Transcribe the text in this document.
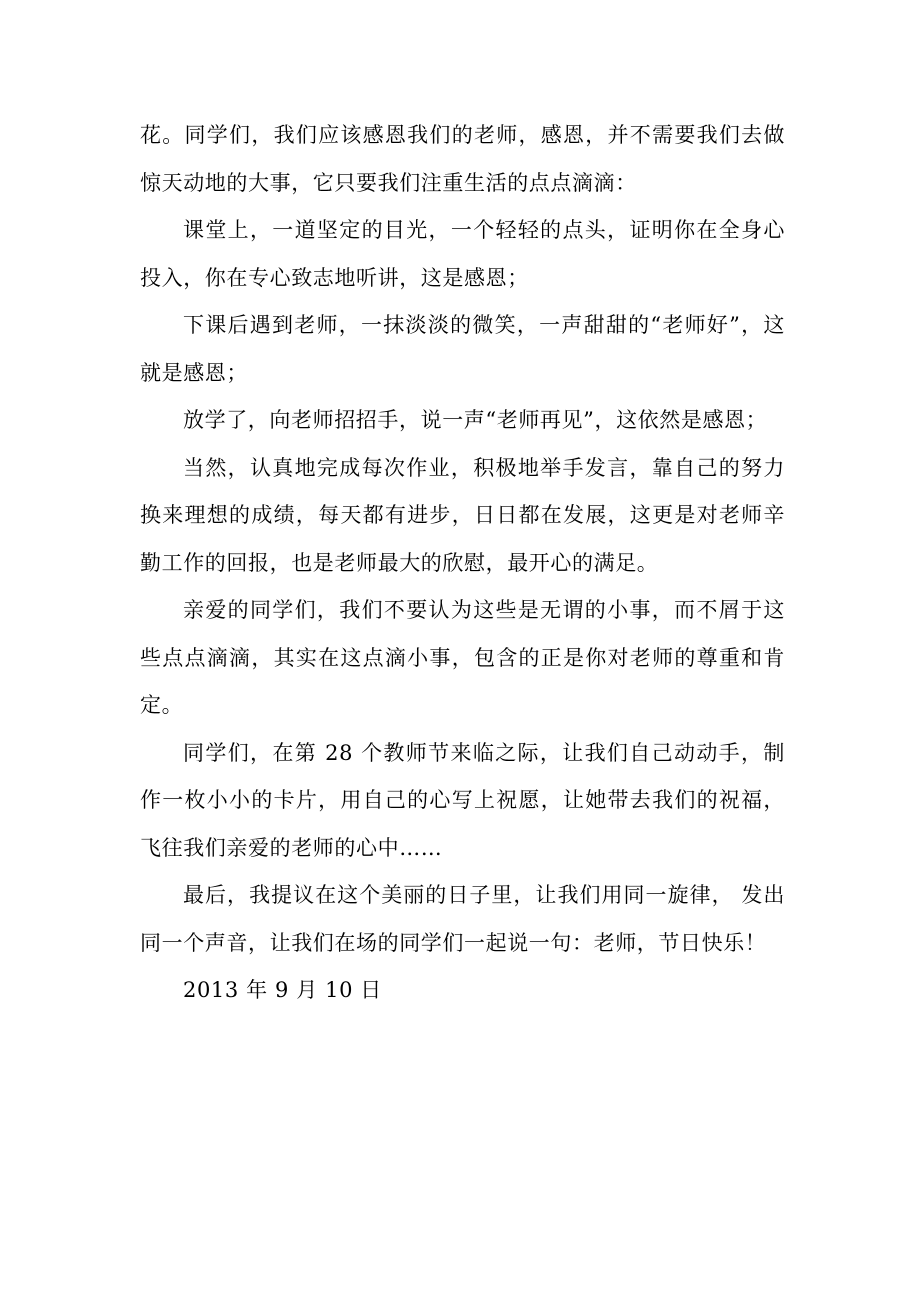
花。同学们，我们应该感恩我们的老师，感恩，并不需要我们去做惊天动地的大事，它只要我们注重生活的点点滴滴：

课堂上，一道坚定的目光，一个轻轻的点头，证明你在全身心投入，你在专心致志地听讲，这是感恩；

下课后遇到老师，一抹淡淡的微笑，一声甜甜的“老师好”，这就是感恩；

放学了，向老师招招手，说一声“老师再见”，这依然是感恩；

当然，认真地完成每次作业，积极地举手发言，靠自己的努力换来理想的成绩，每天都有进步，日日都在发展，这更是对老师辛勤工作的回报，也是老师最大的欣慰，最开心的满足。

亲爱的同学们，我们不要认为这些是无谓的小事，而不屑于这些点点滴滴，其实在这点滴小事，包含的正是你对老师的尊重和肯定。

同学们，在第 28 个教师节来临之际，让我们自己动动手，制作一枚小小的卡片，用自己的心写上祝愿，让她带去我们的祝福，飞往我们亲爱的老师的心中……

最后，我提议在这个美丽的日子里，让我们用同一旋律， 发出同一个声音，让我们在场的同学们一起说一句：老师，节日快乐！

2013 年 9 月 10 日
